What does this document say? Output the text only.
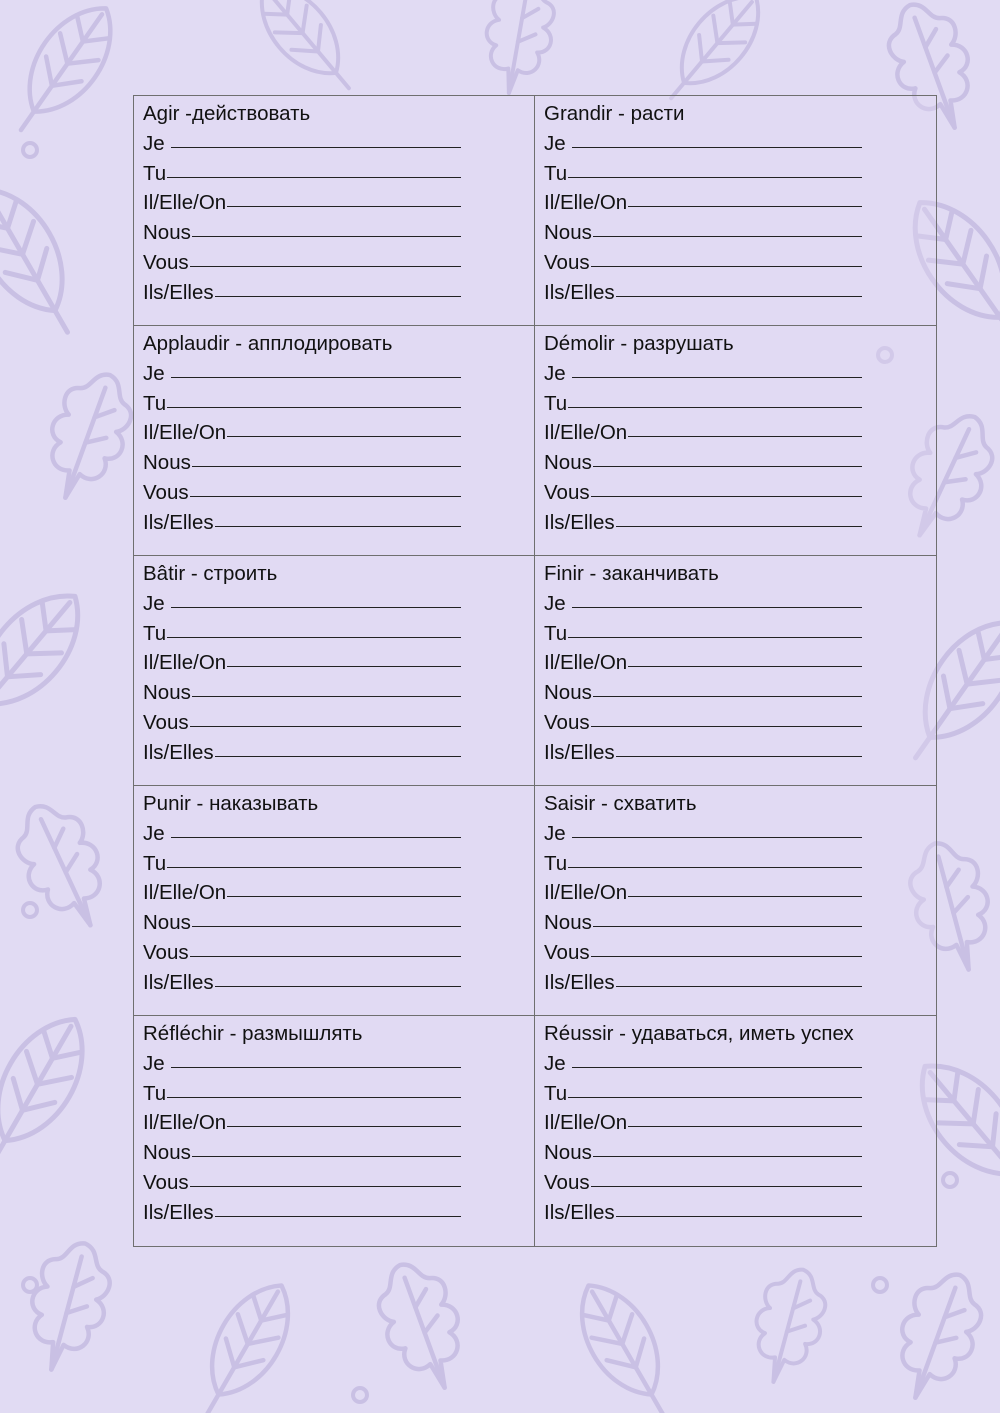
Agir -действовать
Je
Tu
Il/Elle/On
Nous
Vous
Ils/Elles
Grandir - расти
Je
Tu
Il/Elle/On
Nous
Vous
Ils/Elles
Applaudir - апплодировать
Je
Tu
Il/Elle/On
Nous
Vous
Ils/Elles
Démolir - разрушать
Je
Tu
Il/Elle/On
Nous
Vous
Ils/Elles
Bâtir - строить
Je
Tu
Il/Elle/On
Nous
Vous
Ils/Elles
Finir - заканчивать
Je
Tu
Il/Elle/On
Nous
Vous
Ils/Elles
Punir - наказывать
Je
Tu
Il/Elle/On
Nous
Vous
Ils/Elles
Saisir - схватить
Je
Tu
Il/Elle/On
Nous
Vous
Ils/Elles
Réfléchir - размышлять
Je
Tu
Il/Elle/On
Nous
Vous
Ils/Elles
Réussir - удаваться, иметь успех
Je
Tu
Il/Elle/On
Nous
Vous
Ils/Elles
